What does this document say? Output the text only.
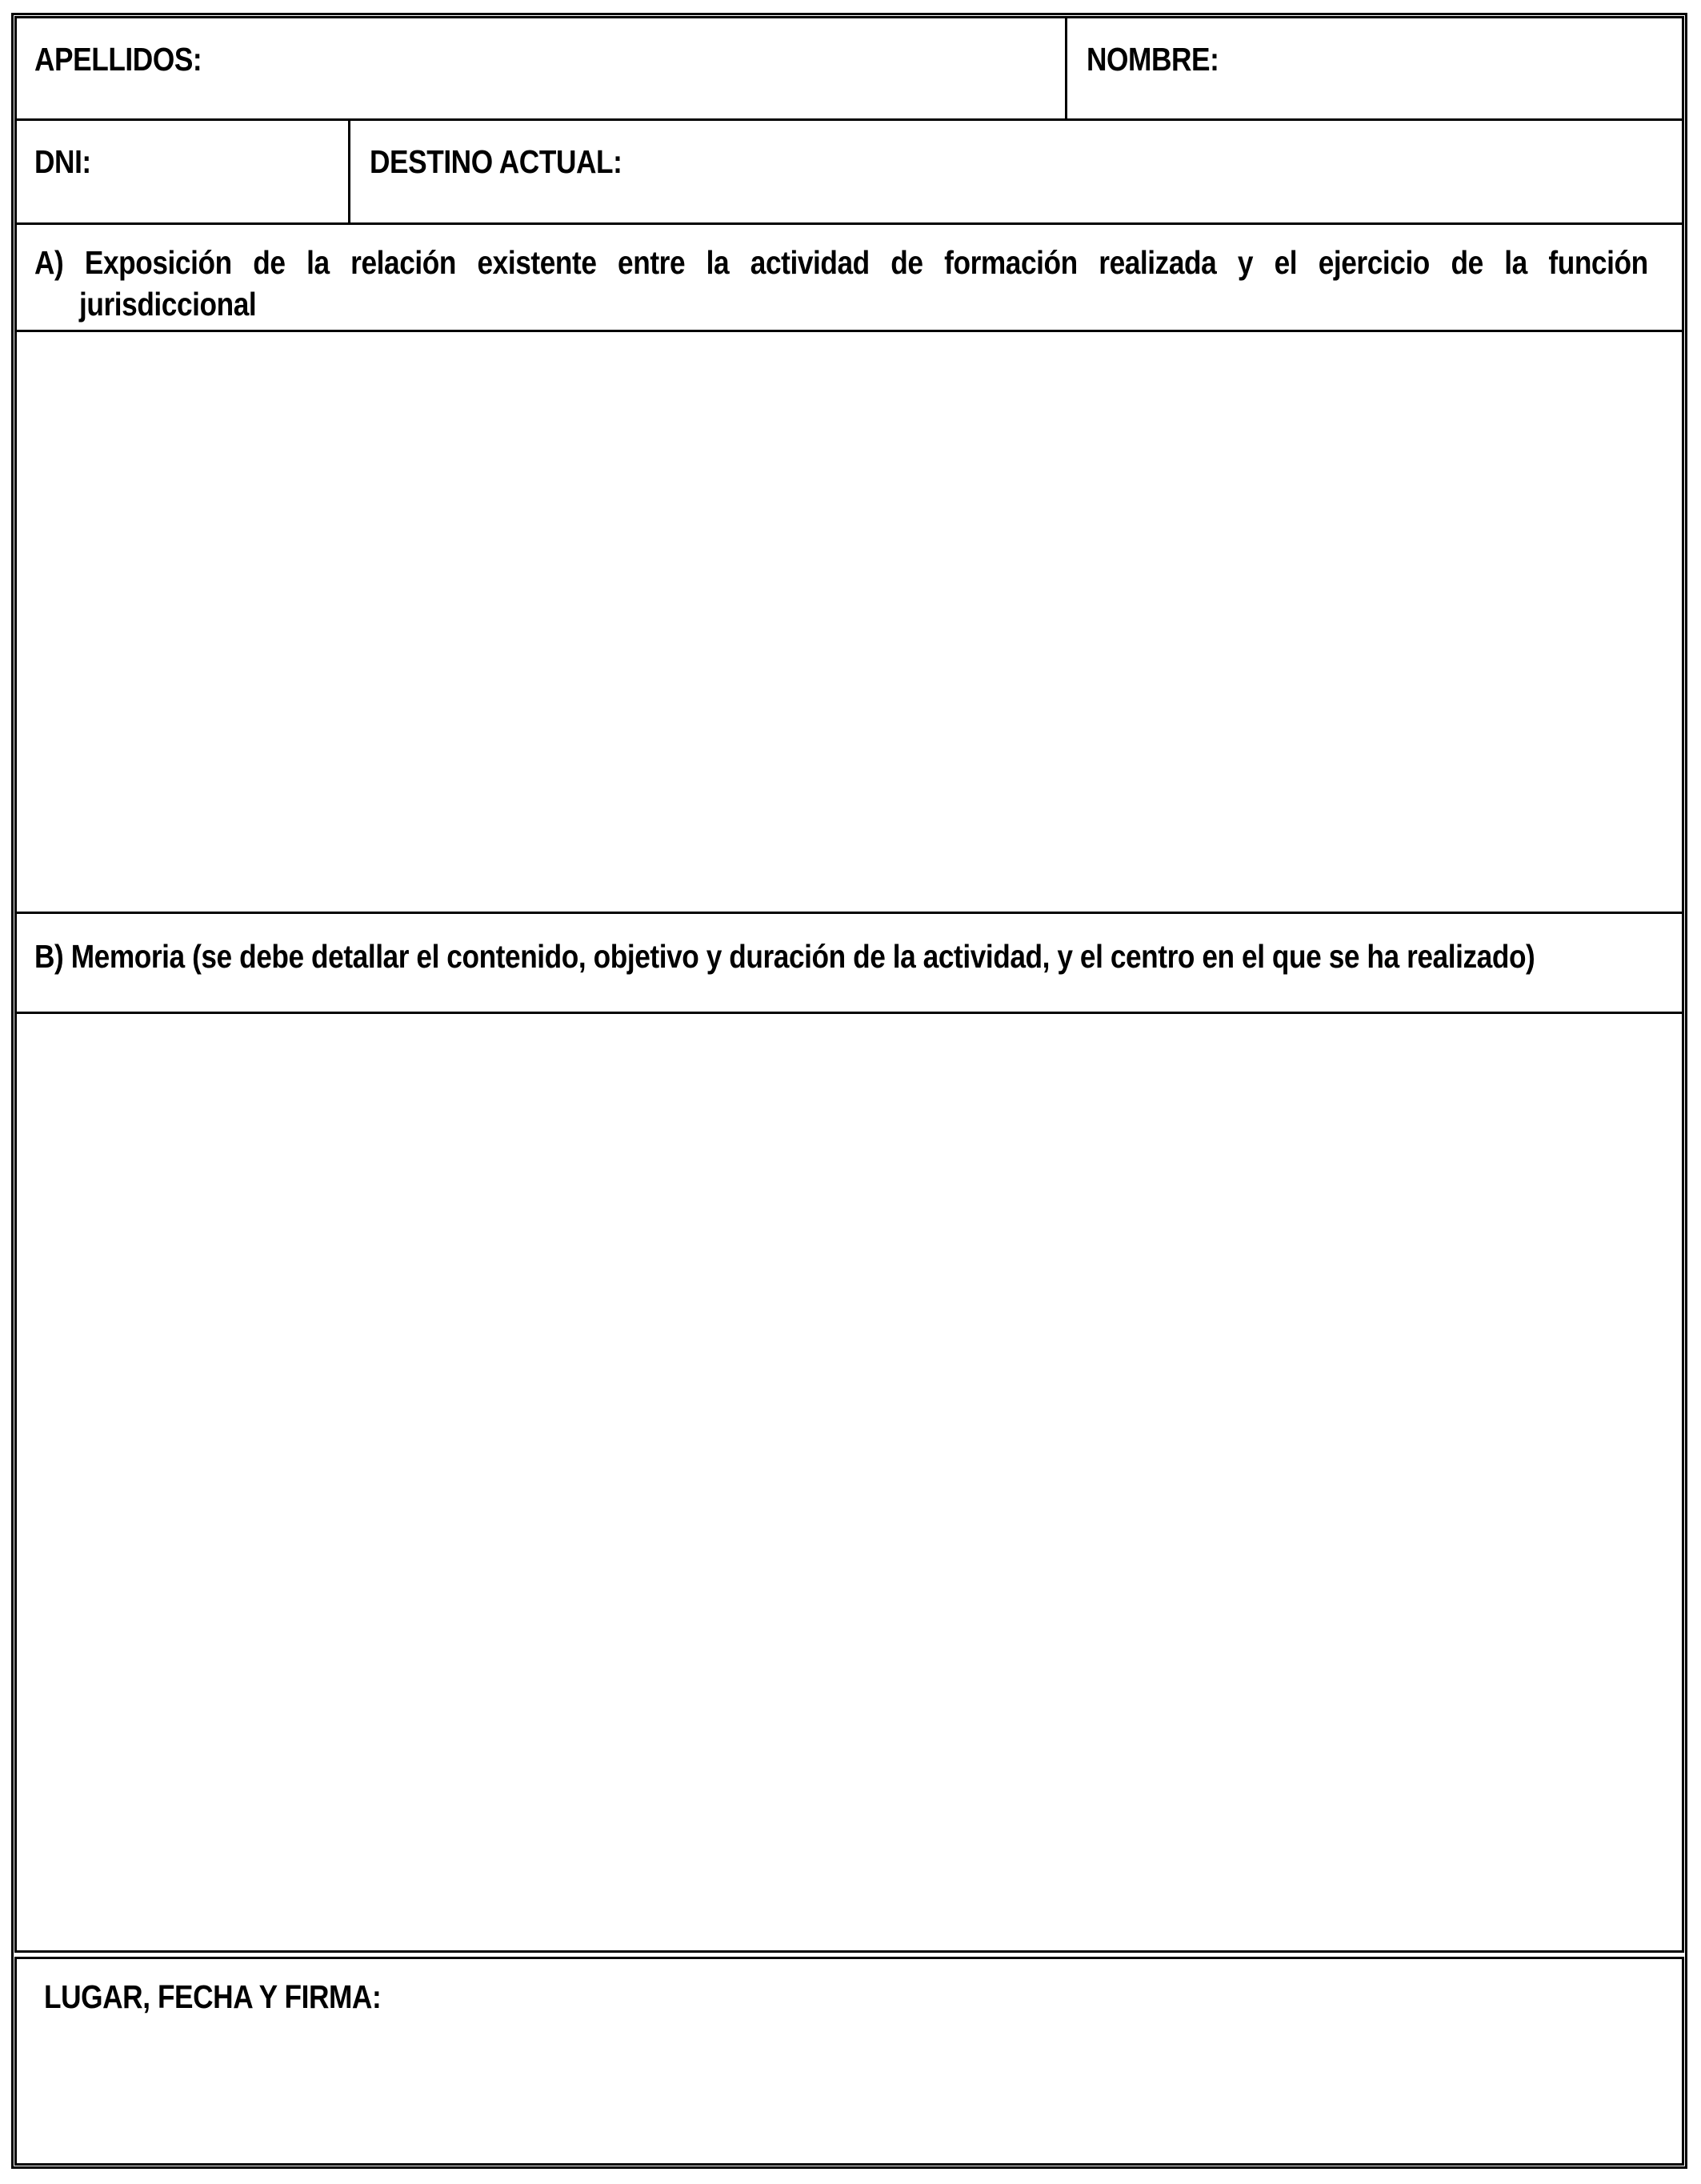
APELLIDOS:	NOMBRE:
DNI:	DESTINO ACTUAL:
A) Exposición de la relación existente entre la actividad de formación realizada y el ejercicio de la función
jurisdiccional
B) Memoria (se debe detallar el contenido, objetivo y duración de la actividad, y el centro en el que se ha realizado)
LUGAR, FECHA Y FIRMA:
